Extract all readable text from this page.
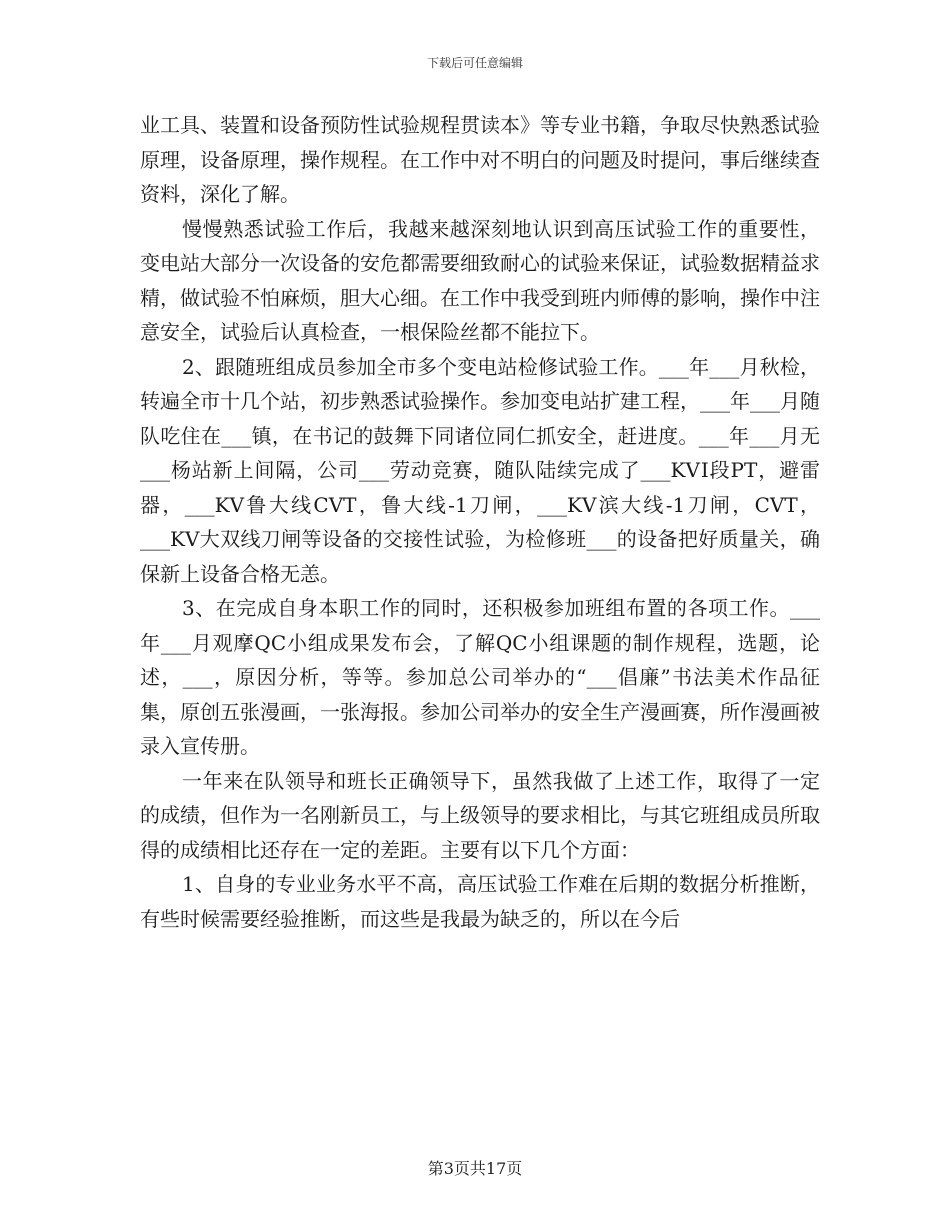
下载后可任意编辑

业工具、装置和设备预防性试验规程贯读本》等专业书籍，争取尽快熟悉试验原理，设备原理，操作规程。在工作中对不明白的问题及时提问，事后继续查资料，深化了解。

慢慢熟悉试验工作后，我越来越深刻地认识到高压试验工作的重要性，变电站大部分一次设备的安危都需要细致耐心的试验来保证，试验数据精益求精，做试验不怕麻烦，胆大心细。在工作中我受到班内师傅的影响，操作中注意安全，试验后认真检查，一根保险丝都不能拉下。

2、跟随班组成员参加全市多个变电站检修试验工作。___年___月秋检，转遍全市十几个站，初步熟悉试验操作。参加变电站扩建工程，___年___月随队吃住在___镇，在书记的鼓舞下同诸位同仁抓安全，赶进度。___年___月无___杨站新上间隔，公司___劳动竞赛，随队陆续完成了___KVⅠ段PT，避雷器，___KV鲁大线CVT，鲁大线-1刀闸，___KV滨大线-1刀闸，CVT，___KV大双线刀闸等设备的交接性试验，为检修班___的设备把好质量关，确保新上设备合格无恙。

3、在完成自身本职工作的同时，还积极参加班组布置的各项工作。___年___月观摩QC小组成果发布会，了解QC小组课题的制作规程，选题，论述，___，原因分析，等等。参加总公司举办的“___倡廉”书法美术作品征集，原创五张漫画，一张海报。参加公司举办的安全生产漫画赛，所作漫画被录入宣传册。

一年来在队领导和班长正确领导下，虽然我做了上述工作，取得了一定的成绩，但作为一名刚新员工，与上级领导的要求相比，与其它班组成员所取得的成绩相比还存在一定的差距。主要有以下几个方面：

1、自身的专业业务水平不高，高压试验工作难在后期的数据分析推断，有些时候需要经验推断，而这些是我最为缺乏的，所以在今后

第3页共17页
